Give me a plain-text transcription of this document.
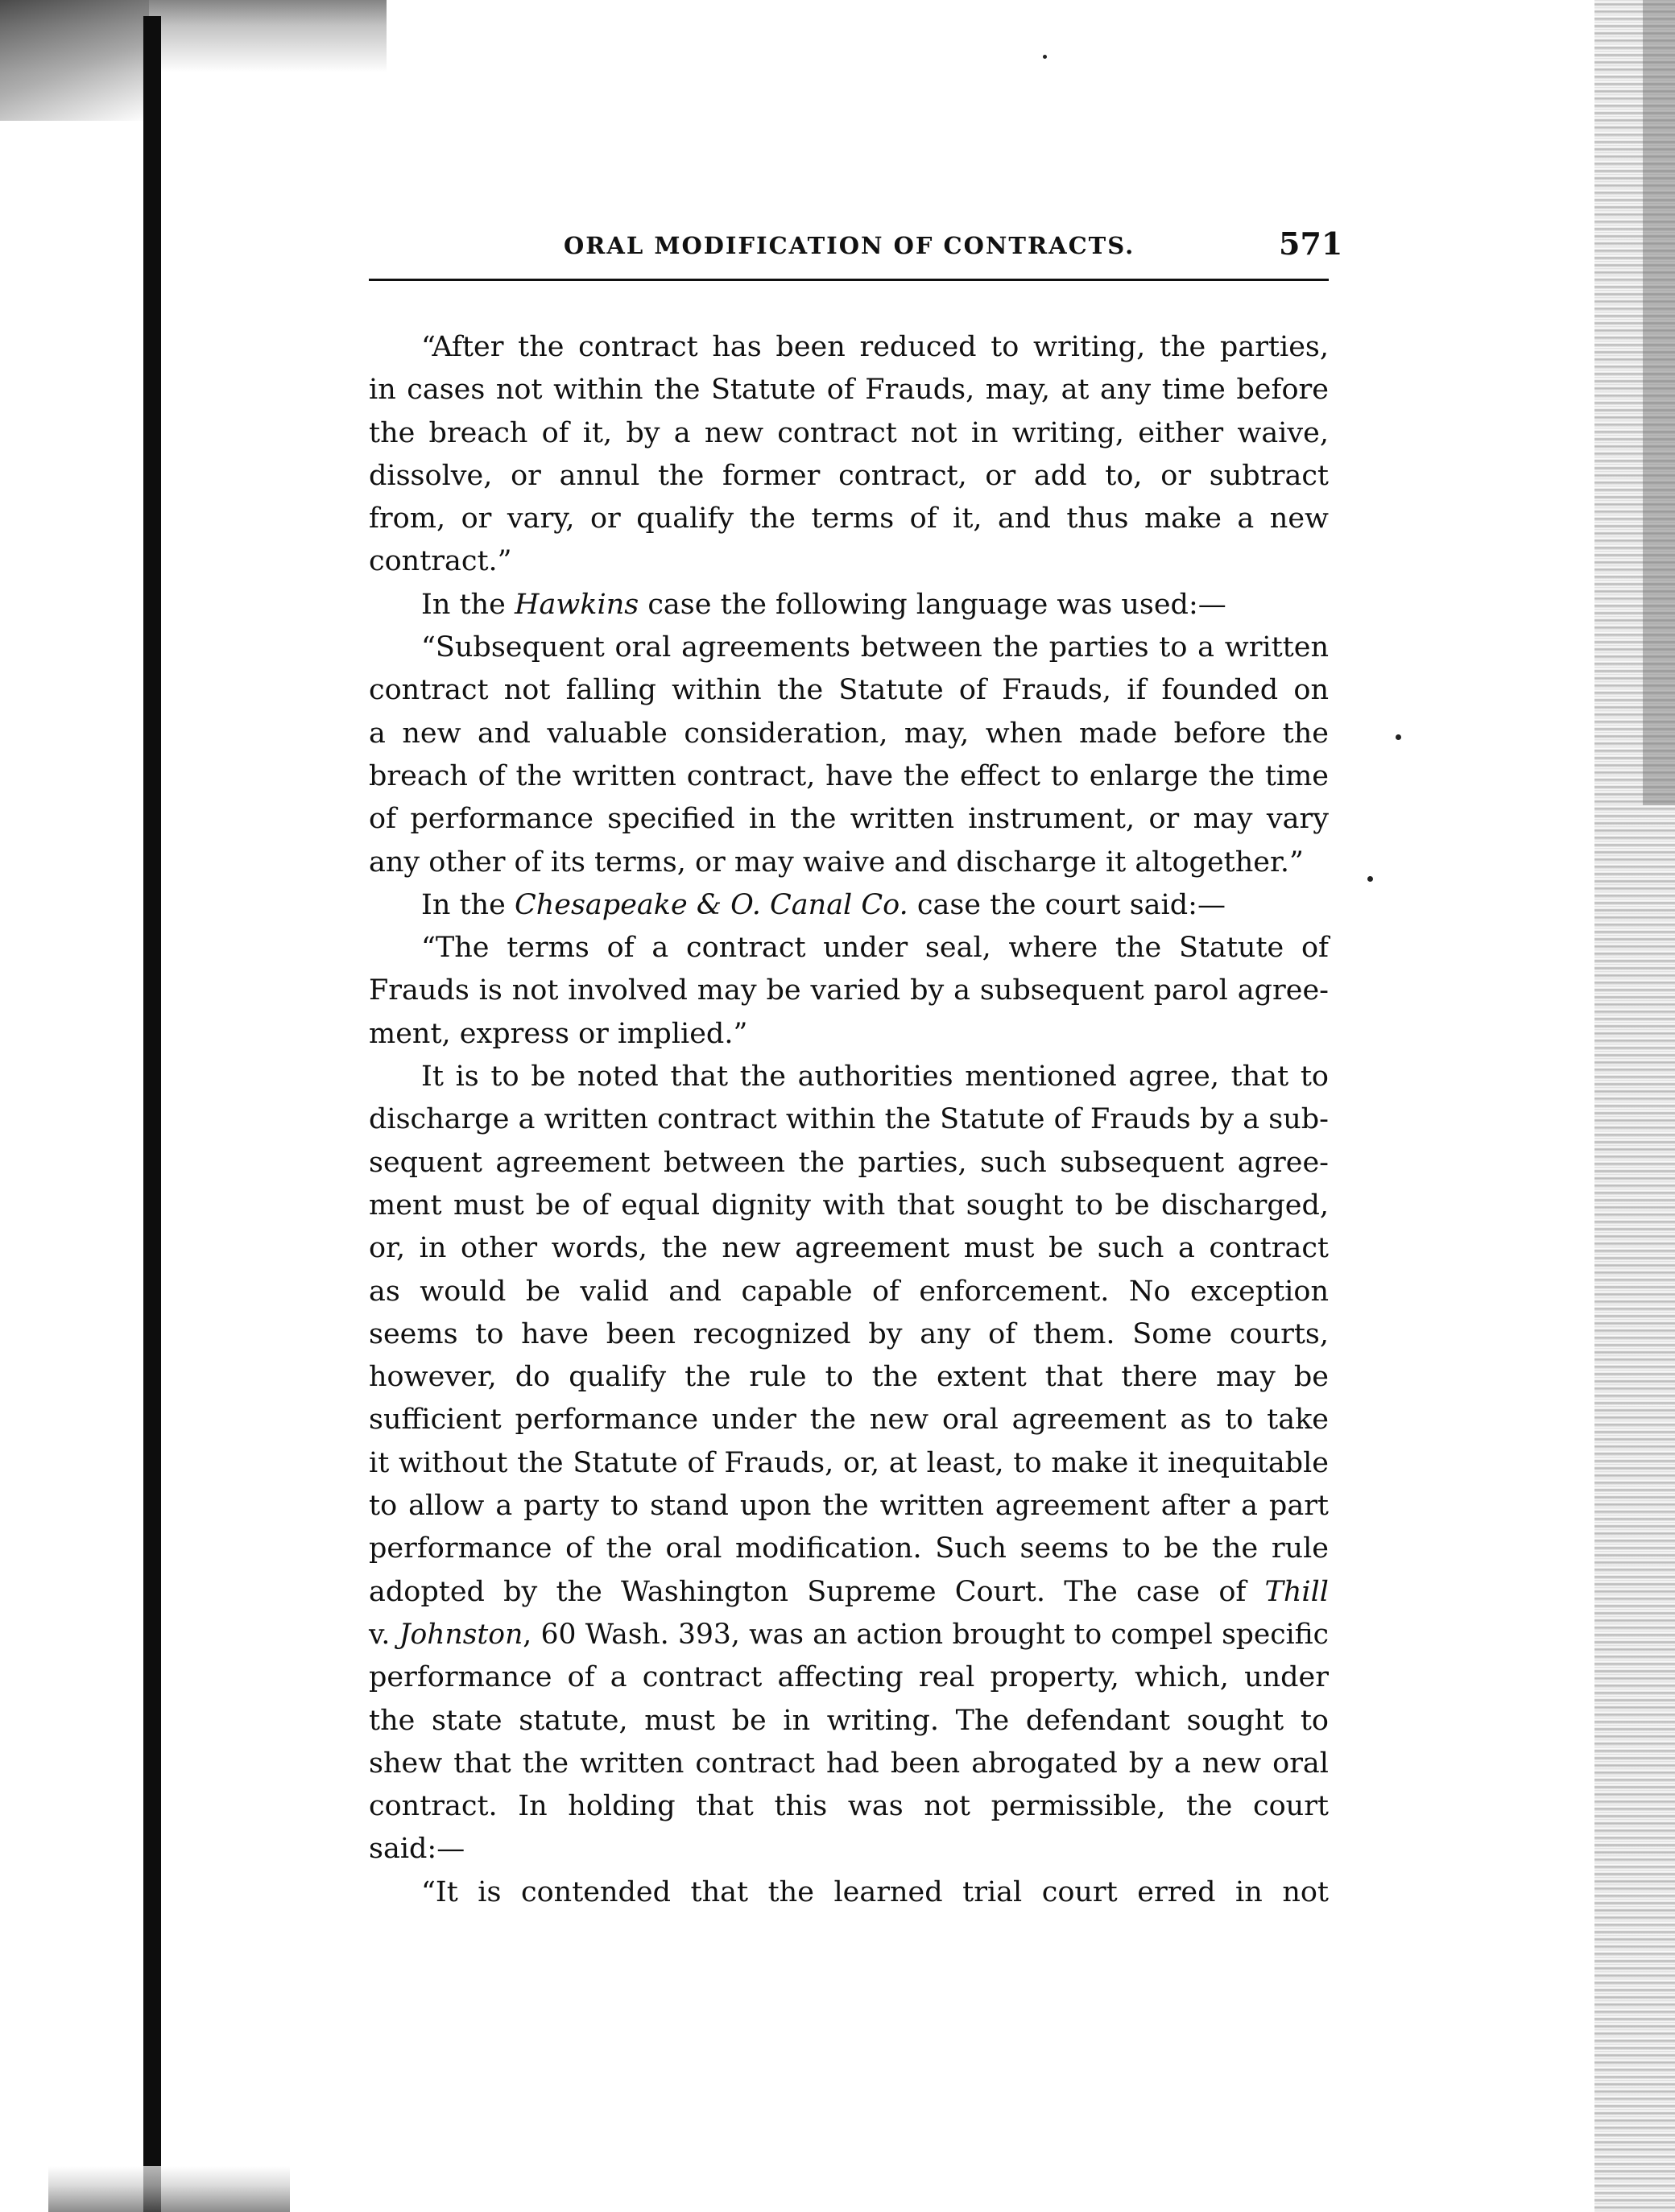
ORAL MODIFICATION OF CONTRACTS.	571
“After the contract has been reduced to writing, the parties,
in cases not within the Statute of Frauds, may, at any time before
the breach of it, by a new contract not in writing, either waive,
dissolve, or annul the former contract, or add to, or subtract
from, or vary, or qualify the terms of it, and thus make a new
contract.”
In the Hawkins case the following language was used:—
“Subsequent oral agreements between the parties to a written
contract not falling within the Statute of Frauds, if founded on
a new and valuable consideration, may, when made before the
breach of the written contract, have the effect to enlarge the time
of performance specified in the written instrument, or may vary
any other of its terms, or may waive and discharge it altogether.”
In the Chesapeake & O. Canal Co. case the court said:—
“The terms of a contract under seal, where the Statute of
Frauds is not involved may be varied by a subsequent parol agree-
ment, express or implied.”
It is to be noted that the authorities mentioned agree, that to
discharge a written contract within the Statute of Frauds by a sub-
sequent agreement between the parties, such subsequent agree-
ment must be of equal dignity with that sought to be discharged,
or, in other words, the new agreement must be such a contract
as would be valid and capable of enforcement. No exception
seems to have been recognized by any of them. Some courts,
however, do qualify the rule to the extent that there may be
sufficient performance under the new oral agreement as to take
it without the Statute of Frauds, or, at least, to make it inequitable
to allow a party to stand upon the written agreement after a part
performance of the oral modification. Such seems to be the rule
adopted by the Washington Supreme Court. The case of Thill
v. Johnston, 60 Wash. 393, was an action brought to compel specific
performance of a contract affecting real property, which, under
the state statute, must be in writing. The defendant sought to
shew that the written contract had been abrogated by a new oral
contract. In holding that this was not permissible, the court
said:—
“It is contended that the learned trial court erred in not
